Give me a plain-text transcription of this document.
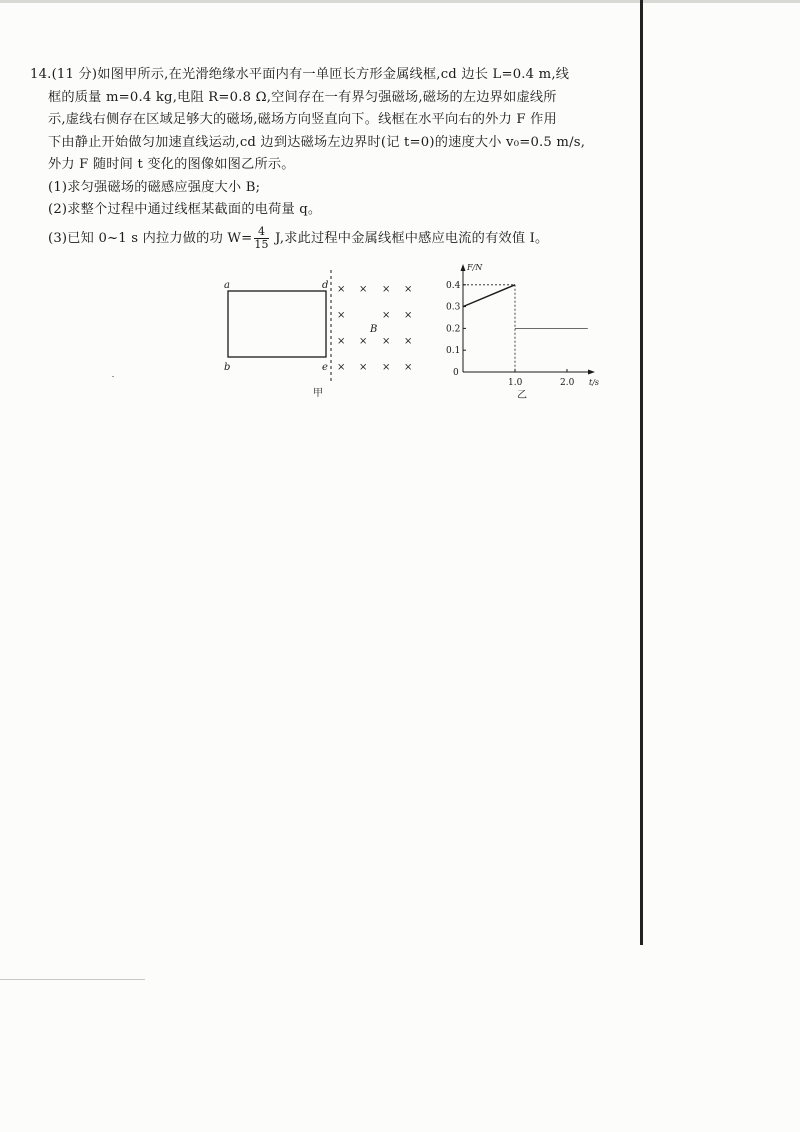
14.(11 分)如图甲所示,在光滑绝缘水平面内有一单匝长方形金属线框,cd 边长 L=0.4 m,线

框的质量 m=0.4 kg,电阻 R=0.8 Ω,空间存在一有界匀强磁场,磁场的左边界如虚线所

示,虚线右侧存在区域足够大的磁场,磁场方向竖直向下。线框在水平向右的外力 F 作用

下由静止开始做匀加速直线运动,cd 边到达磁场左边界时(记 t=0)的速度大小 v₀=0.5 m/s,

外力 F 随时间 t 变化的图像如图乙所示。

(1)求匀强磁场的磁感应强度大小 B;

(2)求整个过程中通过线框某截面的电荷量 q。

(3)已知 0~1 s 内拉力做的功 $W= \frac{4}{15} J$,求此过程中金属线框中感应电流的有效值 I。

a
b
d
e
B
× × × ×
×	× ×
× × × ×
× × × ×
甲
F/N
t/s
0
0.1
0.2
0.3
0.4
1.0	2.0
乙
